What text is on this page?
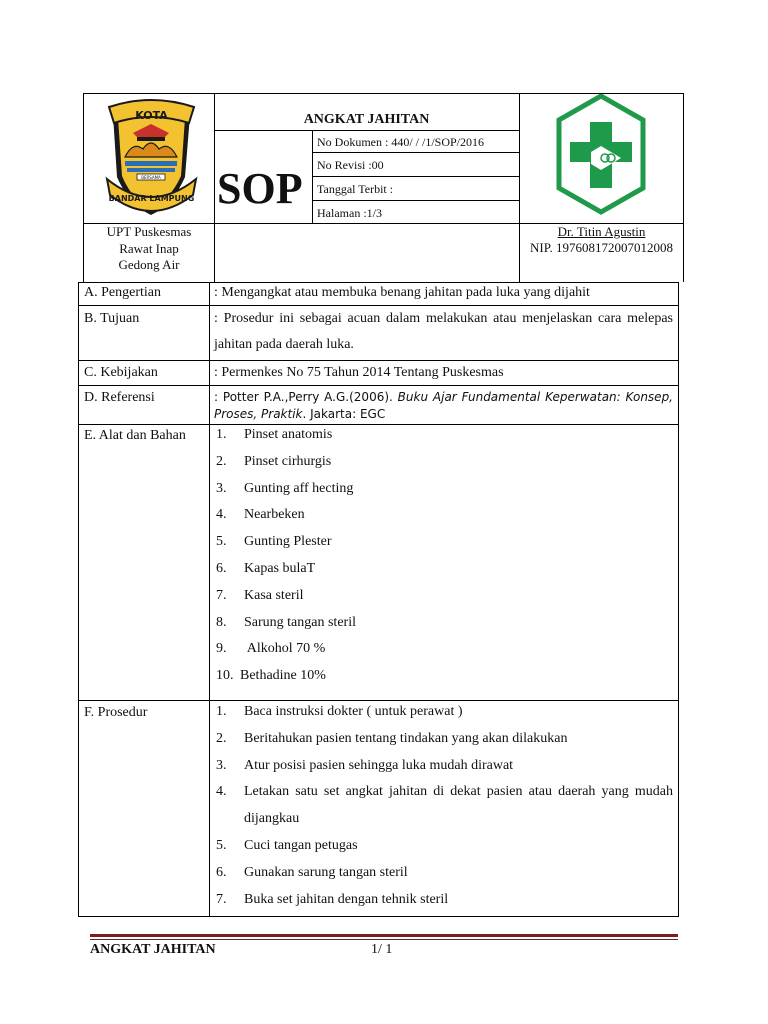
KOTA
BERSAMA
BANDAR LAMPUNG
ANGKAT JAHITAN
SOP
No Dokumen : 440/ / /1/SOP/2016
No Revisi :00
Tanggal Terbit :
Halaman :1/3
UPT Puskesmas
Rawat Inap
Gedong Air
Dr. Titin Agustin
NIP. 197608172007012008
A. Pengertian	: Mengangkat atau membuka benang jahitan pada luka yang dijahit
B. Tujuan	: Prosedur ini sebagai acuan dalam melakukan atau menjelaskan cara melepas jahitan pada daerah luka.
C. Kebijakan	: Permenkes No 75 Tahun 2014 Tentang Puskesmas
D. Referensi	: Potter P.A.,Perry A.G.(2006). Buku Ajar Fundamental Keperwatan: Konsep, Proses, Praktik. Jakarta: EGC
E. Alat dan Bahan 1.	Pinset anatomis
2.	Pinset cirhurgis
3.	Gunting aff hecting
4.	Nearbeken
5.	Gunting Plester
6.	Kapas bulaT
7.	Kasa steril
8.	Sarung tangan steril
9.	Alkohol 70 %
10. Bethadine 10%
F. Prosedur	1.	Baca instruksi dokter ( untuk perawat )
2.	Beritahukan pasien tentang tindakan yang akan dilakukan
3.	Atur posisi pasien sehingga luka mudah dirawat
4.	Letakan satu set angkat jahitan di dekat pasien atau daerah yang mudah dijangkau
5.	Cuci tangan petugas
6.	Gunakan sarung tangan steril
7.	Buka set jahitan dengan tehnik steril
ANGKAT JAHITAN	1/ 1
